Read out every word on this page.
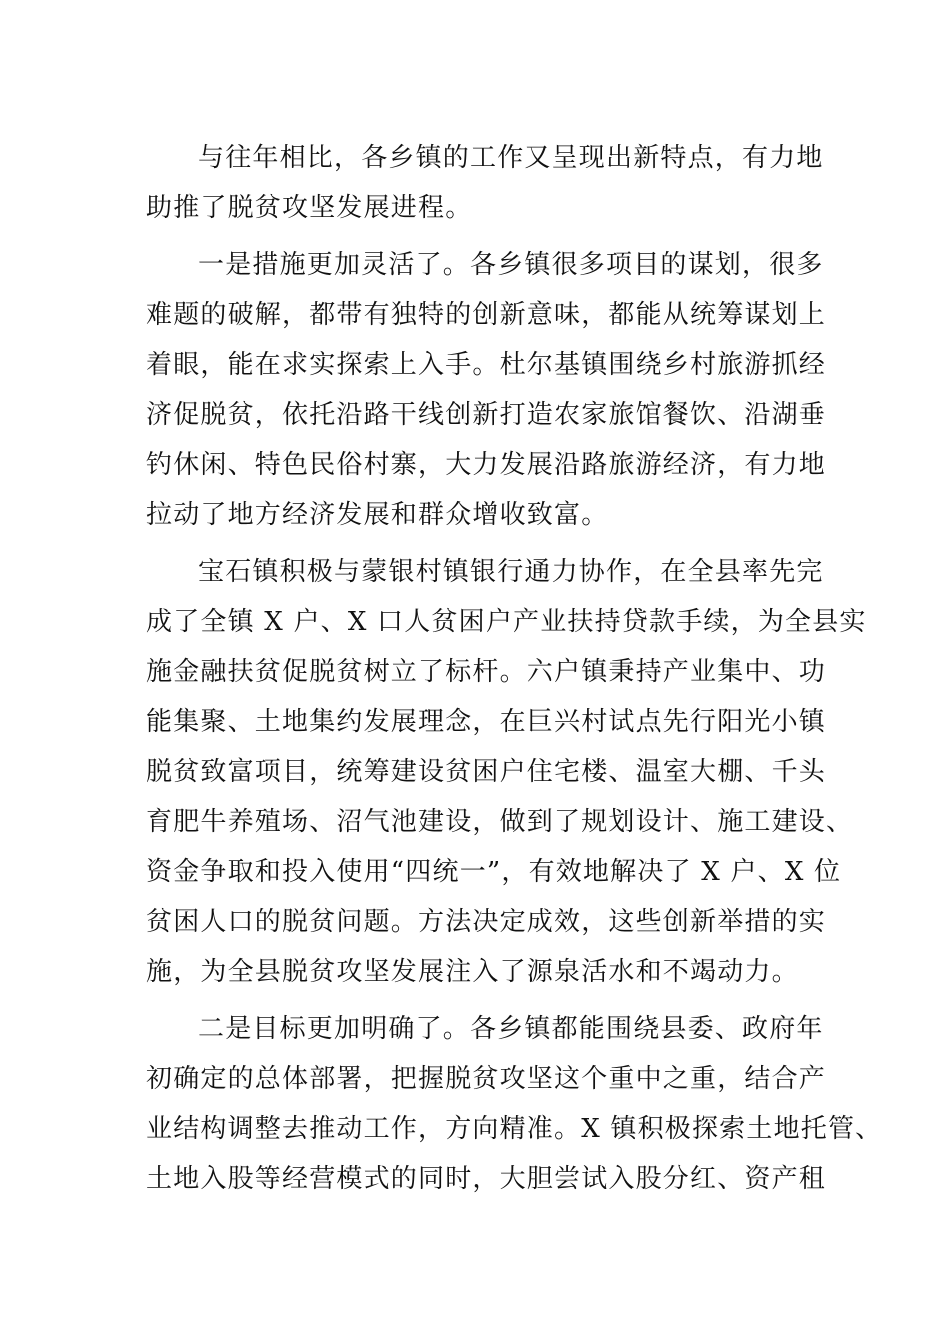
与往年相比，各乡镇的工作又呈现出新特点，有力地
助推了脱贫攻坚发展进程。
一是措施更加灵活了。各乡镇很多项目的谋划，很多
难题的破解，都带有独特的创新意味，都能从统筹谋划上
着眼，能在求实探索上入手。杜尔基镇围绕乡村旅游抓经
济促脱贫，依托沿路干线创新打造农家旅馆餐饮、沿湖垂
钓休闲、特色民俗村寨，大力发展沿路旅游经济，有力地
拉动了地方经济发展和群众增收致富。
宝石镇积极与蒙银村镇银行通力协作，在全县率先完
成了全镇 X 户、X 口人贫困户产业扶持贷款手续，为全县实
施金融扶贫促脱贫树立了标杆。六户镇秉持产业集中、功
能集聚、土地集约发展理念，在巨兴村试点先行阳光小镇
脱贫致富项目，统筹建设贫困户住宅楼、温室大棚、千头
育肥牛养殖场、沼气池建设，做到了规划设计、施工建设、
资金争取和投入使用“四统一”，有效地解决了 X 户、X 位
贫困人口的脱贫问题。方法决定成效，这些创新举措的实
施，为全县脱贫攻坚发展注入了源泉活水和不竭动力。
二是目标更加明确了。各乡镇都能围绕县委、政府年
初确定的总体部署，把握脱贫攻坚这个重中之重，结合产
业结构调整去推动工作，方向精准。X 镇积极探索土地托管、
土地入股等经营模式的同时，大胆尝试入股分红、资产租
